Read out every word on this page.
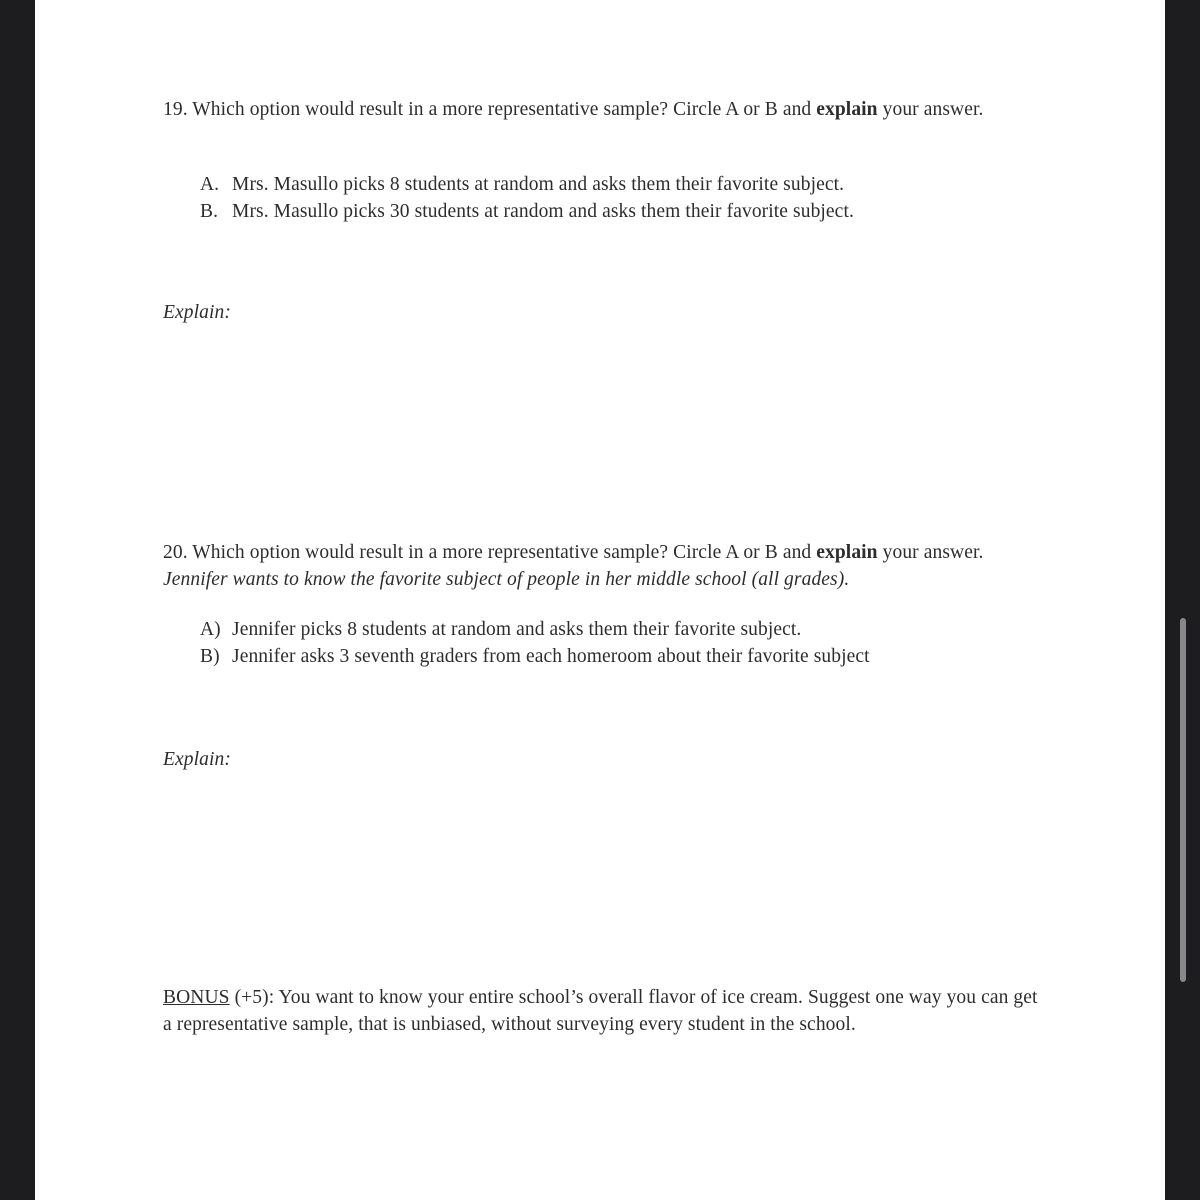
19. Which option would result in a more representative sample? Circle A or B and explain your answer.
A. Mrs. Masullo picks 8 students at random and asks them their favorite subject.
B. Mrs. Masullo picks 30 students at random and asks them their favorite subject.
Explain:
20. Which option would result in a more representative sample? Circle A or B and explain your answer. Jennifer wants to know the favorite subject of people in her middle school (all grades).
A) Jennifer picks 8 students at random and asks them their favorite subject.
B) Jennifer asks 3 seventh graders from each homeroom about their favorite subject
Explain:
BONUS (+5): You want to know your entire school’s overall flavor of ice cream. Suggest one way you can get a representative sample, that is unbiased, without surveying every student in the school.
